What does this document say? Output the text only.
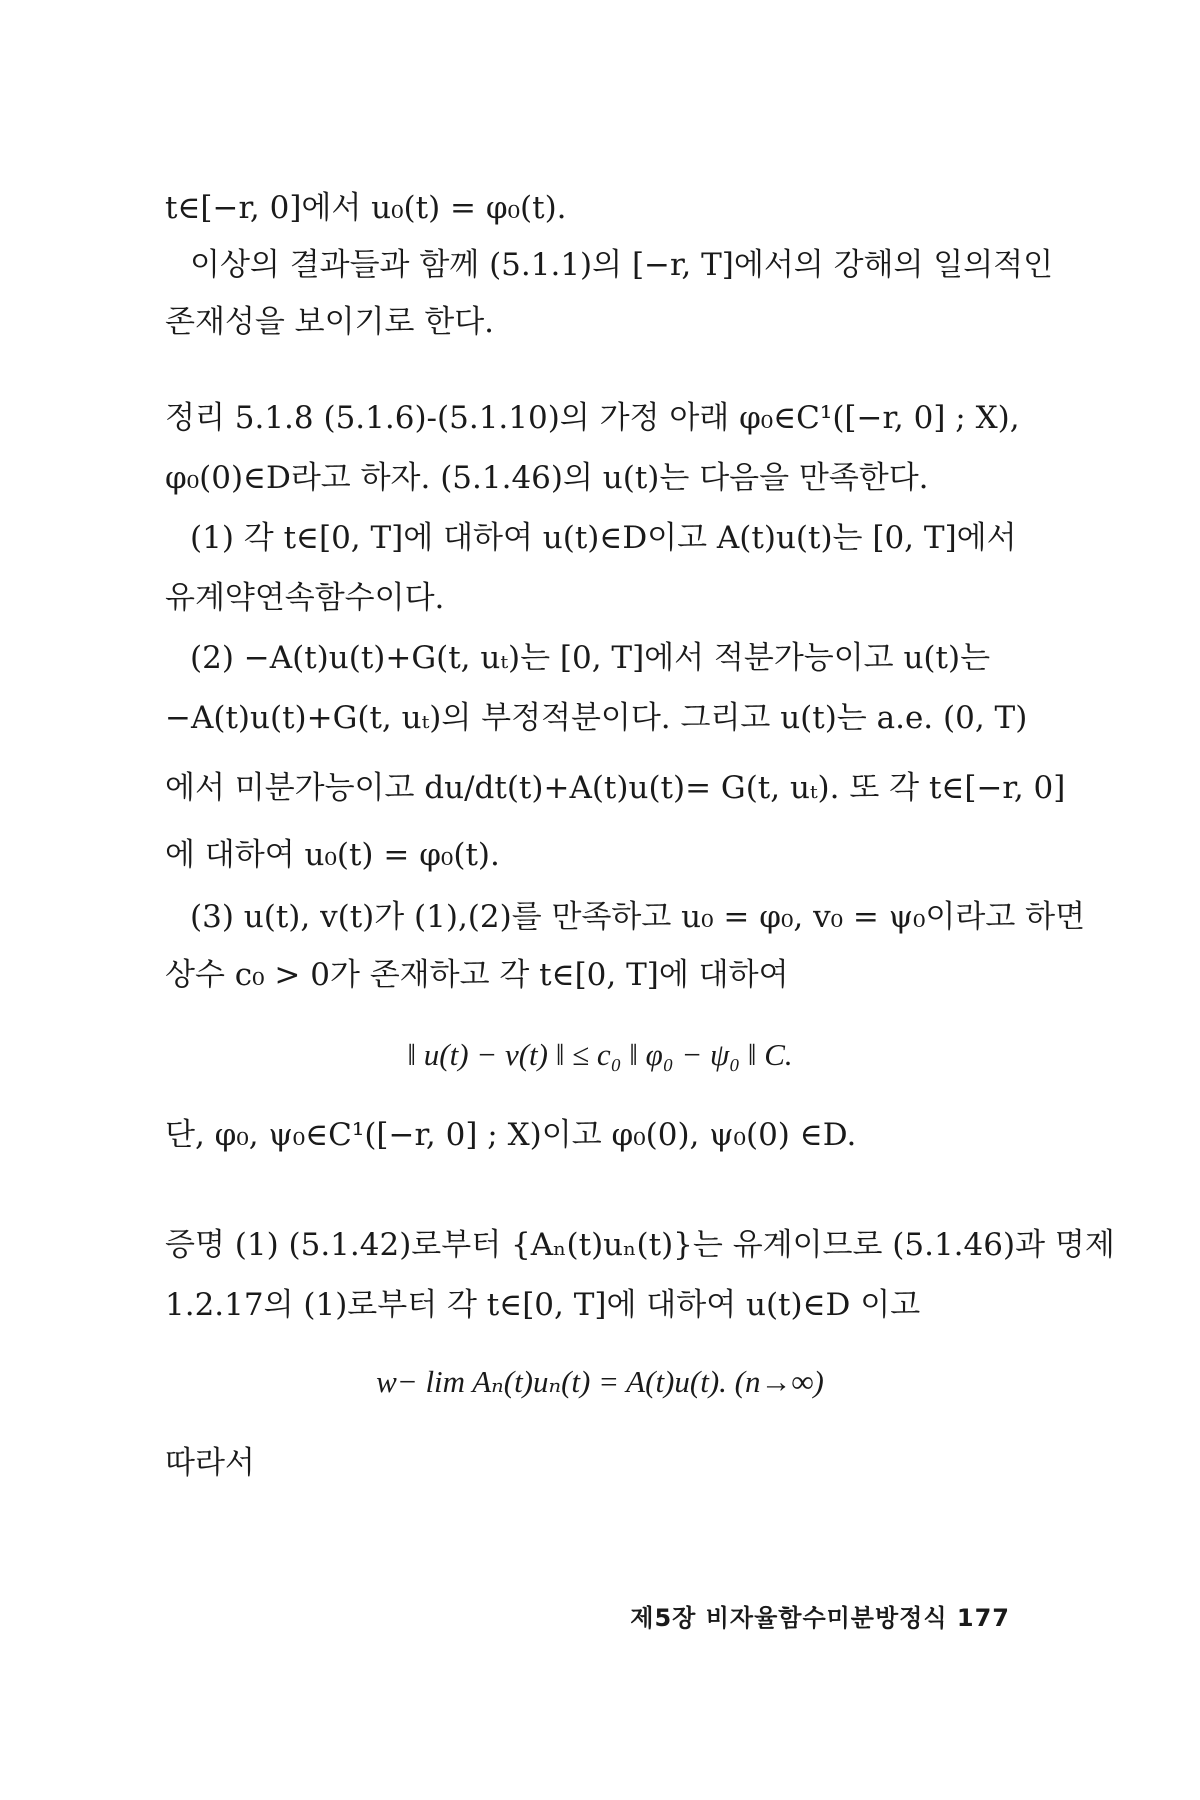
t∈[−r, 0]에서 u₀(t) = φ₀(t).
이상의 결과들과 함께 (5.1.1)의 [−r, T]에서의 강해의 일의적인
존재성을 보이기로 한다.
정리 5.1.8 (5.1.6)-(5.1.10)의 가정 아래 φ₀∈C¹([−r, 0] ; X),
φ₀(0)∈D라고 하자. (5.1.46)의 u(t)는 다음을 만족한다.
(1) 각 t∈[0, T]에 대하여 u(t)∈D이고 A(t)u(t)는 [0, T]에서
유계약연속함수이다.
(2) −A(t)u(t)+G(t, uₜ)는 [0, T]에서 적분가능이고 u(t)는
−A(t)u(t)+G(t, uₜ)의 부정적분이다. 그리고 u(t)는 a.e. (0, T)
에서 미분가능이고 du/dt(t)+A(t)u(t)= G(t, uₜ). 또 각 t∈[−r, 0]
에 대하여 u₀(t) = φ₀(t).
(3) u(t), v(t)가 (1),(2)를 만족하고 u₀ = φ₀, v₀ = ψ₀이라고 하면
상수 c₀ > 0가 존재하고 각 t∈[0, T]에 대하여
‖ u(t) − v(t) ‖ ≤ c₀ ‖ φ₀ − ψ₀ ‖ C.
단, φ₀, ψ₀∈C¹([−r, 0] ; X)이고 φ₀(0), ψ₀(0) ∈D.
증명 (1) (5.1.42)로부터 {Aₙ(t)uₙ(t)}는 유계이므로 (5.1.46)과 명제
1.2.17의 (1)로부터 각 t∈[0, T]에 대하여 u(t)∈D 이고
w− lim Aₙ(t)uₙ(t) = A(t)u(t). (n→∞)
따라서
제5장 비자율함수미분방정식 177
